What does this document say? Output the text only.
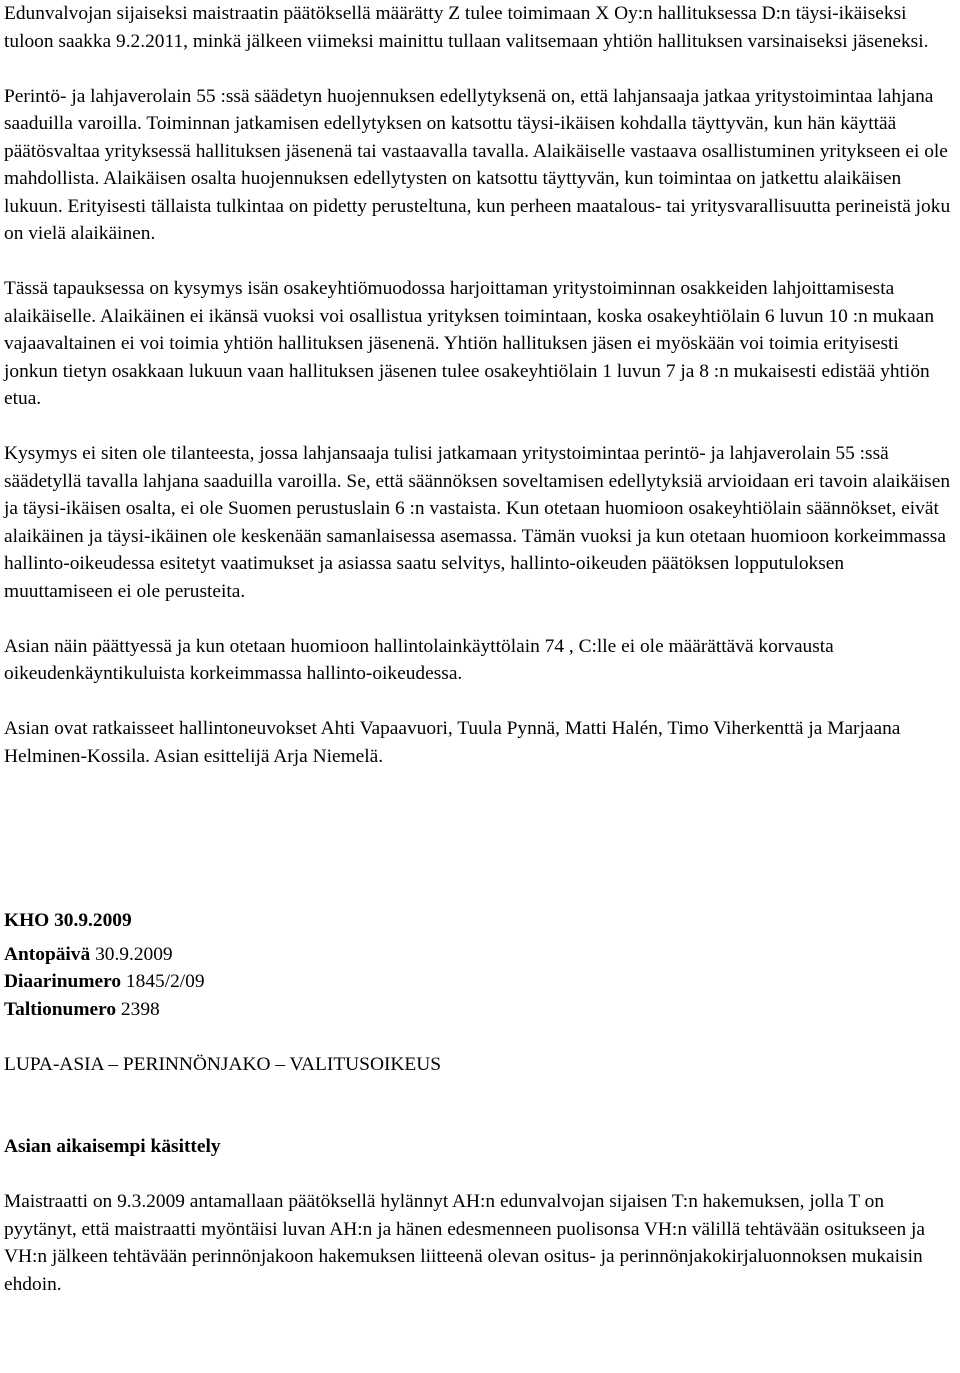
Edunvalvojan sijaiseksi maistraatin päätöksellä määrätty Z tulee toimimaan X Oy:n hallituksessa D:n täysi-ikäiseksi tuloon saakka 9.2.2011, minkä jälkeen viimeksi mainittu tullaan valitsemaan yhtiön hallituksen varsinaiseksi jäseneksi.

Perintö- ja lahjaverolain 55 :ssä säädetyn huojennuksen edellytyksenä on, että lahjansaaja jatkaa yritystoimintaa lahjana saaduilla varoilla. Toiminnan jatkamisen edellytyksen on katsottu täysi-ikäisen kohdalla täyttyvän, kun hän käyttää päätösvaltaa yrityksessä hallituksen jäsenenä tai vastaavalla tavalla. Alaikäiselle vastaava osallistuminen yritykseen ei ole mahdollista. Alaikäisen osalta huojennuksen edellytysten on katsottu täyttyvän, kun toimintaa on jatkettu alaikäisen lukuun. Erityisesti tällaista tulkintaa on pidetty perusteltuna, kun perheen maatalous- tai yritysvarallisuutta perineistä joku on vielä alaikäinen.

Tässä tapauksessa on kysymys isän osakeyhtiömuodossa harjoittaman yritystoiminnan osakkeiden lahjoittamisesta alaikäiselle. Alaikäinen ei ikänsä vuoksi voi osallistua yrityksen toimintaan, koska osakeyhtiölain 6 luvun 10 :n mukaan vajaavaltainen ei voi toimia yhtiön hallituksen jäsenenä. Yhtiön hallituksen jäsen ei myöskään voi toimia erityisesti jonkun tietyn osakkaan lukuun vaan hallituksen jäsenen tulee osakeyhtiölain 1 luvun 7 ja 8 :n mukaisesti edistää yhtiön etua.

Kysymys ei siten ole tilanteesta, jossa lahjansaaja tulisi jatkamaan yritystoimintaa perintö- ja lahjaverolain 55 :ssä säädetyllä tavalla lahjana saaduilla varoilla. Se, että säännöksen soveltamisen edellytyksiä arvioidaan eri tavoin alaikäisen ja täysi-ikäisen osalta, ei ole Suomen perustuslain 6 :n vastaista. Kun otetaan huomioon osakeyhtiölain säännökset, eivät alaikäinen ja täysi-ikäinen ole keskenään samanlaisessa asemassa. Tämän vuoksi ja kun otetaan huomioon korkeimmassa hallinto-oikeudessa esitetyt vaatimukset ja asiassa saatu selvitys, hallinto-oikeuden päätöksen lopputuloksen muuttamiseen ei ole perusteita.

Asian näin päättyessä ja kun otetaan huomioon hallintolainkäyttölain 74 , C:lle ei ole määrättävä korvausta oikeudenkäyntikuluista korkeimmassa hallinto-oikeudessa.

Asian ovat ratkaisseet hallintoneuvokset Ahti Vapaavuori, Tuula Pynnä, Matti Halén, Timo Viherkenttä ja Marjaana Helminen-Kossila. Asian esittelijä Arja Niemelä.

KHO 30.9.2009

Antopäivä 30.9.2009

Diaarinumero 1845/2/09

Taltionumero 2398

LUPA-ASIA – PERINNÖNJAKO – VALITUSOIKEUS

Asian aikaisempi käsittely

Maistraatti on 9.3.2009 antamallaan päätöksellä hylännyt AH:n edunvalvojan sijaisen T:n hakemuksen, jolla T on pyytänyt, että maistraatti myöntäisi luvan AH:n ja hänen edesmenneen puolisonsa VH:n välillä tehtävään ositukseen ja VH:n jälkeen tehtävään perinnönjakoon hakemuksen liitteenä olevan ositus- ja perinnönjakokirjaluonnoksen mukaisin ehdoin.
